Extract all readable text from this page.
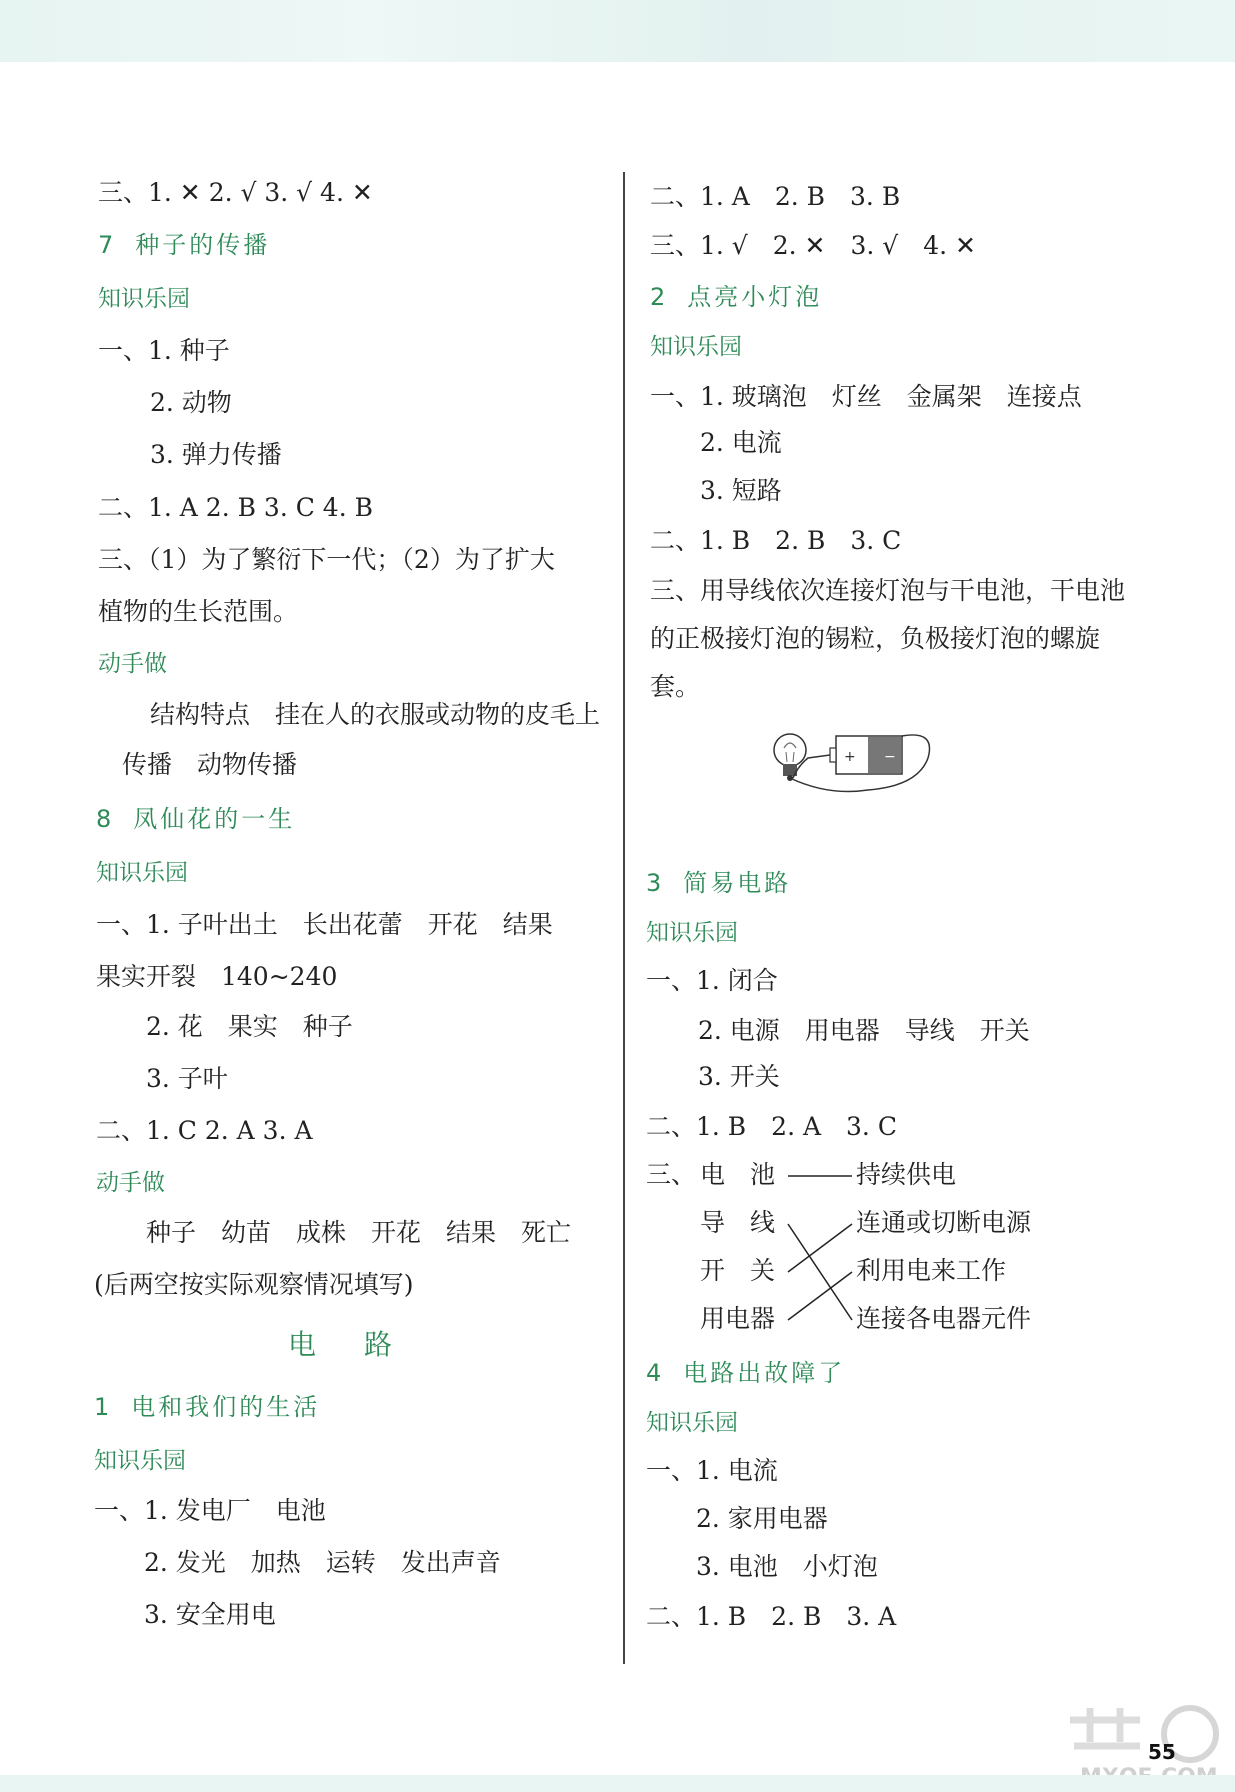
三、1. ✕ 2. √ 3. √ 4. ✕
7 种子的传播
知识乐园
一、1. 种子
2. 动物
3. 弹力传播
二、1. A 2. B 3. C 4. B
三、（1）为了繁衍下一代；（2）为了扩大
植物的生长范围。
动手做
结构特点　挂在人的衣服或动物的皮毛上
传播　动物传播
8 凤仙花的一生
知识乐园
一、1. 子叶出土　长出花蕾　开花　结果
果实开裂　140~240
2. 花　果实　种子
3. 子叶
二、1. C 2. A 3. A
动手做
种子　幼苗　成株　开花　结果　死亡
(后两空按实际观察情况填写)
电路
1 电和我们的生活
知识乐园
一、1. 发电厂　电池
2. 发光　加热　运转　发出声音
3. 安全用电
二、1. A　2. B　3. B
三、1. √　2. ✕　3. √　4. ✕
2 点亮小灯泡
知识乐园
一、1. 玻璃泡　灯丝　金属架　连接点
2. 电流
3. 短路
二、1. B　2. B　3. C
三、用导线依次连接灯泡与干电池，干电池
的正极接灯泡的锡粒，负极接灯泡的螺旋
套。
+ −
3 简易电路
知识乐园
一、1. 闭合
2. 电源　用电器　导线　开关
3. 开关
二、1. B　2. A　3. C
三、 电　池
导　线
开　关
用电器
持续供电
连通或切断电源
利用电来工作
连接各电器元件
4 电路出故障了
知识乐园
一、1. 电流
2. 家用电器
3. 电池　小灯泡
二、1. B　2. B　3. A
55
